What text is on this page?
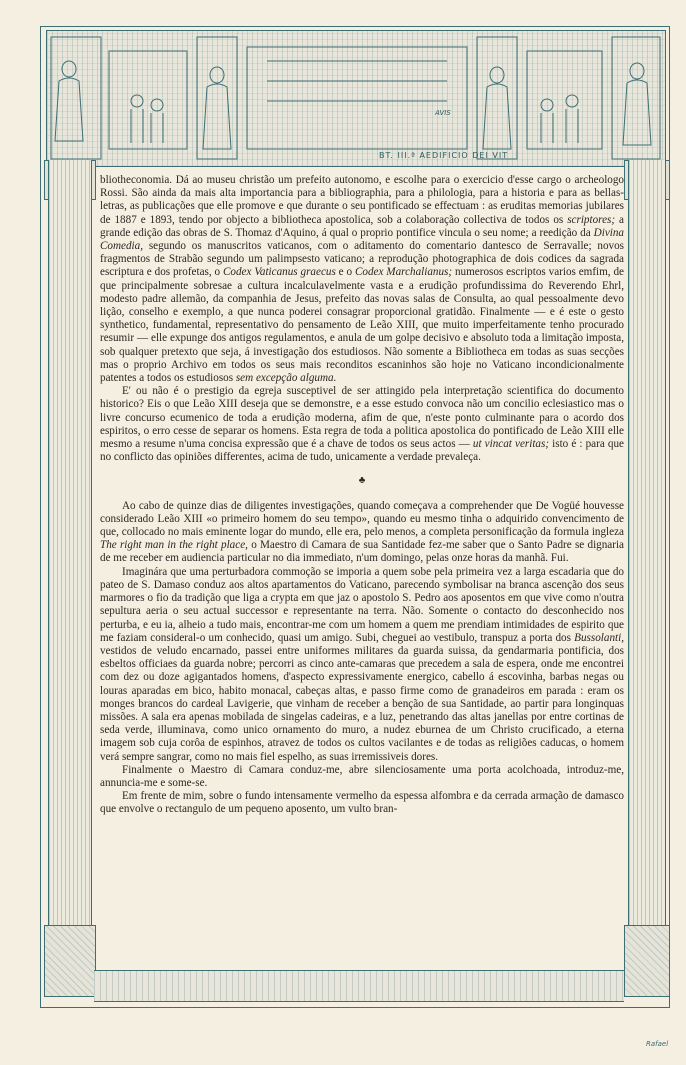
AVIS
BT. III.ª AEDIFICIO DEI VIT

bliotheconomia. Dá ao museu christão um prefeito autonomo, e escolhe para o exercicio d'esse cargo o archeologo Rossi. São ainda da mais alta importancia para a bibliographia, para a philologia, para a historia e para as bellas-letras, as publicações que elle promove e que durante o seu pontificado se effectuam : as eruditas memorias jubilares de 1887 e 1893, tendo por objecto a bibliotheca apostolica, sob a colaboração collectiva de todos os scriptores; a grande edição das obras de S. Thomaz d'Aquino, á qual o proprio pontifice vincula o seu nome; a reedição da Divina Comedia, segundo os manuscritos vaticanos, com o aditamento do comentario dantesco de Serravalle; novos fragmentos de Strabão segundo um palimpsesto vaticano; a reprodução photographica de dois codices da sagrada escriptura e dos profetas, o Codex Vaticanus graecus e o Codex Marchalianus; numerosos escriptos varios emfim, de que principalmente sobresae a cultura incalculavelmente vasta e a erudição profundissima do Reverendo Ehrl, modesto padre allemão, da companhia de Jesus, prefeito das novas salas de Consulta, ao qual pessoalmente devo lição, conselho e exemplo, a que nunca poderei consagrar proporcional gratidão. Finalmente — e é este o gesto synthetico, fundamental, representativo do pensamento de Leão XIII, que muito imperfeitamente tenho procurado resumir — elle expunge dos antigos regulamentos, e anula de um golpe decisivo e absoluto toda a limitação imposta, sob qualquer pretexto que seja, á investigação dos estudiosos. Não somente a Bibliotheca em todas as suas secções mas o proprio Archivo em todos os seus mais reconditos escaninhos são hoje no Vaticano incondicionalmente patentes a todos os estudiosos sem excepção alguma.

E' ou não é o prestigio da egreja susceptivel de ser attingido pela interpretação scientifica do documento historico? Eis o que Leão XIII deseja que se demonstre, e a esse estudo convoca não um concilio eclesiastico mas o livre concurso ecumenico de toda a erudição moderna, afim de que, n'este ponto culminante para o acordo dos espiritos, o erro cesse de separar os homens. Esta regra de toda a politica apostolica do pontificado de Leão XIII elle mesmo a resume n'uma concisa expressão que é a chave de todos os seus actos — ut vincat veritas; isto é : para que no conflicto das opiniões differentes, acima de tudo, unicamente a verdade prevaleça.

♣

Ao cabo de quinze dias de diligentes investigações, quando começava a comprehender que De Vogüé houvesse considerado Leão XIII «o primeiro homem do seu tempo», quando eu mesmo tinha o adquirido convencimento de que, collocado no mais eminente logar do mundo, elle era, pelo menos, a completa personificação da formula ingleza The right man in the right place, o Maestro di Camara de sua Santidade fez-me saber que o Santo Padre se dignaria de me receber em audiencia particular no dia immediato, n'um domingo, pelas onze horas da manhã. Fui.

Imaginára que uma perturbadora commoção se imporia a quem sobe pela primeira vez a larga escadaria que do pateo de S. Damaso conduz aos altos apartamentos do Vaticano, parecendo symbolisar na branca ascenção dos seus marmores o fio da tradição que liga a crypta em que jaz o apostolo S. Pedro aos aposentos em que vive como n'outra sepultura aeria o seu actual successor e representante na terra. Não. Somente o contacto do desconhecido nos perturba, e eu ia, alheio a tudo mais, encontrar-me com um homem a quem me prendiam intimidades de espirito que me faziam consideral-o um conhecido, quasi um amigo. Subi, cheguei ao vestibulo, transpuz a porta dos Bussolanti, vestidos de veludo encarnado, passei entre uniformes militares da guarda suissa, da gendarmaria pontificia, dos esbeltos officiaes da guarda nobre; percorri as cinco ante-camaras que precedem a sala de espera, onde me encontrei com dez ou doze agigantados homens, d'aspecto expressivamente energico, cabello á escovinha, barbas negas ou louras aparadas em bico, habito monacal, cabeças altas, e passo firme como de granadeiros em parada : eram os monges brancos do cardeal Lavigerie, que vinham de receber a benção de sua Santidade, ao partir para longinquas missões. A sala era apenas mobilada de singelas cadeiras, e a luz, penetrando das altas janellas por entre cortinas de seda verde, illuminava, como unico ornamento do muro, a nudez eburnea de um Christo crucificado, a eterna imagem sob cuja corôa de espinhos, atravez de todos os cultos vacilantes e de todas as religiões caducas, o homem verá sempre sangrar, como no mais fiel espelho, as suas irremissiveis dores.

Finalmente o Maestro di Camara conduz-me, abre silenciosamente uma porta acolchoada, introduz-me, annuncia-me e some-se.

Em frente de mim, sobre o fundo intensamente vermelho da espessa alfombra e da cerrada armação de damasco que envolve o rectangulo de um pequeno aposento, um vulto bran-

Rafael
